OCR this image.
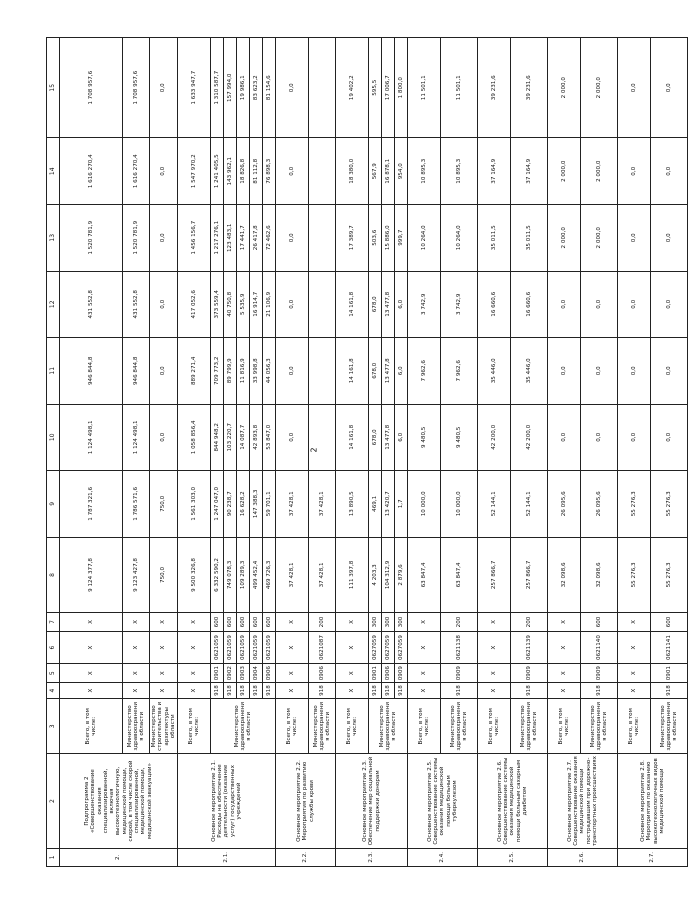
2
1	2	3	4	5	6	7	8	9	10	11	12	13	14	15
2.	Подпрограмма 2 «Совершенствование оказания специализированной, включая высокотехнологичную, медицинской помощи, скорой, в том числе скорой специализированной, медицинской помощи, медицинской эвакуации»	Всего, в том числе:	X	X	X	X	9 124 377,8	1 787 321,6	1 124 498,1	946 844,8	431 552,8	1 520 781,9	1 616 270,4	1 708 957,6
		Министерство здравоохранения области	X	X	X	X	9 123 427,8	1 786 571,6	1 124 498,1	946 844,8	431 552,8	1 520 781,9	1 616 270,4	1 708 957,6
		Министерство строительства и архитектуры области	X	X	X	X	750,0	750,0	0,0	0,0	0,0	0,0	0,0	0,0
2.1.	Основное мероприятие 2.1. Расходы на обеспечение деятельности (оказание услуг) государственных учреждений	Всего, в том числе:	X	X	X	X	9 500 326,8	1 561 303,0	1 058 856,4	889 271,4	417 052,6	1 456 156,7	1 547 970,2	1 633 947,7
		Министерство здравоохранения области	918	0901	0621059	600	6 332 590,2	1 247 047,0	844 948,2	709 773,2	373 559,4	1 217 276,1	1 241 405,5	1 310 587,7
			918	0902	0621059	600	749 078,3	90 238,7	103 220,7	89 799,9	40 750,8	123 483,1	143 962,1	157 994,0
			918	0903	0621059	600	109 289,3	16 628,2	14 087,7	11 816,9	5 535,9	17 441,7	18 826,8	19 986,1
			918	0904	0621059	600	499 452,4	147 388,3	42 893,8	33 998,8	16 914,7	26 417,8	81 112,8	83 623,2
			918	0906	0621059	600	469 726,3	59 701,1	53 847,0	44 056,3	21 106,9	72 462,6	76 898,3	81 154,6
2.2.	Основное мероприятие 2.2. Мероприятия по развитию службы крови	Всего, в том числе:	X	X	X	X	37 428,1	37 428,1	0,0	0,0	0,0	0,0	0,0	0,0
		Министерство здравоохранения области	918	0906	0621087	200	37 428,1	37 428,1						
2.3.	Основное мероприятие 2.3. Обеспечение мер социальной поддержки донорам	Всего, в том числе:	X	X	X	X	111 397,8	13 890,5	14 161,8	14 161,8	14 161,8	17 389,7	18 380,0	19 402,2
		Министерство здравоохранения области	918	0901	0627059	300	4 203,3	469,1	678,0	678,0	678,0	503,6	567,9	595,5
			918	0906	0627059	300	104 312,9	13 420,7	13 477,8	13 477,8	13 477,8	15 886,0	16 878,1	17 006,7
			918	0909	0627059	300	2 879,6	1,7	6,0	6,0	6,0	999,7	954,0	1 800,0
2.4.	Основное мероприятие 2.5. Совершенствование системы оказания медицинской помощи больным туберкулезом	Всего, в том числе:	X	X	X	X	63 847,4	10 000,0	9 480,5	7 962,6	3 742,9	10 264,0	10 895,3	11 501,1
		Министерство здравоохранения области	918	0909	0621138	200	63 847,4	10 000,0	9 480,5	7 962,6	3 742,9	10 264,0	10 895,3	11 501,1
2.5.	Основное мероприятие 2.6. Совершенствование системы оказания медицинской помощи больным сахарным диабетом	Всего, в том числе:	X	X	X	X	257 866,7	52 144,1	42 200,0	35 446,0	16 660,6	35 011,5	37 164,9	39 231,6
		Министерство здравоохранения области	918	0909	0621139	200	257 866,7	52 144,1	42 200,0	35 446,0	16 660,6	35 011,5	37 164,9	39 231,6
2.6.	Основное мероприятие 2.7. Совершенствование оказания медицинской помощи пострадавшим при дорожно-транспортных происшествиях	Всего, в том числе:	X	X	X	X	32 098,6	26 095,6	0,0	0,0	0,0	2 000,0	2 000,0	2 000,0
		Министерство здравоохранения области	918	0909	0621140	600	32 098,6	26 095,6	0,0	0,0	0,0	2 000,0	2 000,0	2 000,0
2.7.	Основное мероприятие 2.8. Мероприятия по оказанию высокотехнологичных видов медицинской помощи	Всего, в том числе:	X	X	X	X	55 276,3	55 276,3	0,0	0,0	0,0	0,0	0,0	0,0
		Министерство здравоохранения области	918	0901	0621141	600	55 276,3	55 276,3	0,0	0,0	0,0	0,0	0,0	0,0
